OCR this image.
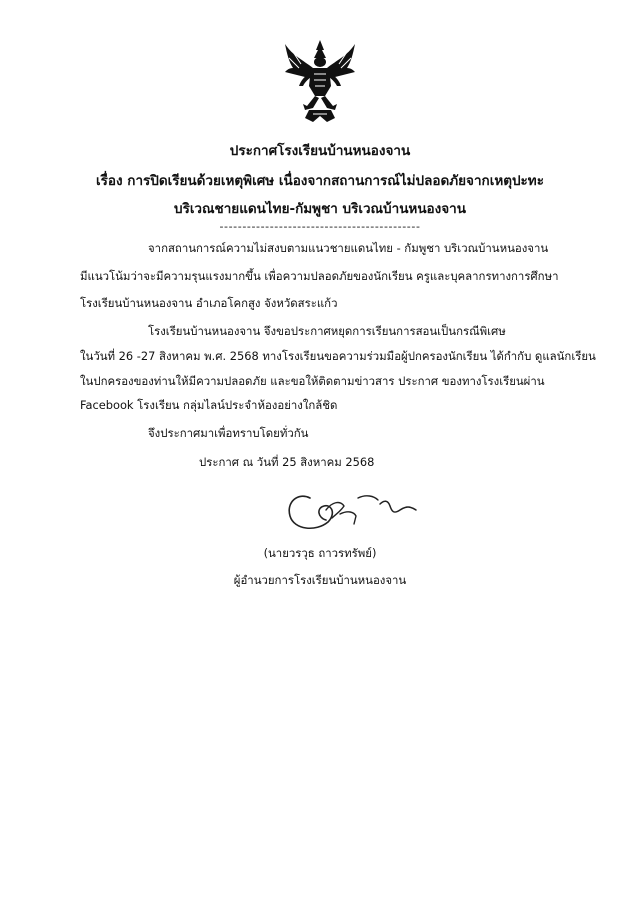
ประกาศโรงเรียนบ้านหนองจาน
เรื่อง การปิดเรียนด้วยเหตุพิเศษ เนื่องจากสถานการณ์ไม่ปลอดภัยจากเหตุปะทะ
บริเวณชายแดนไทย-กัมพูชา บริเวณบ้านหนองจาน
--------------------------------------------
จากสถานการณ์ความไม่สงบตามแนวชายแดนไทย - กัมพูชา บริเวณบ้านหนองจาน
มีแนวโน้มว่าจะมีความรุนแรงมากขึ้น เพื่อความปลอดภัยของนักเรียน ครูและบุคลากรทางการศึกษา
โรงเรียนบ้านหนองจาน อำเภอโคกสูง จังหวัดสระแก้ว
โรงเรียนบ้านหนองจาน จึงขอประกาศหยุดการเรียนการสอนเป็นกรณีพิเศษ
ในวันที่ 26 -27 สิงหาคม พ.ศ. 2568 ทางโรงเรียนขอความร่วมมือผู้ปกครองนักเรียน ได้กำกับ ดูแลนักเรียน
ในปกครองของท่านให้มีความปลอดภัย และขอให้ติดตามข่าวสาร ประกาศ ของทางโรงเรียนผ่าน
Facebook โรงเรียน กลุ่มไลน์ประจำห้องอย่างใกล้ชิด
จึงประกาศมาเพื่อทราบโดยทั่วกัน
ประกาศ ณ วันที่ 25 สิงหาคม 2568
(นายวรวุธ ถาวรทรัพย์)
ผู้อำนวยการโรงเรียนบ้านหนองจาน
